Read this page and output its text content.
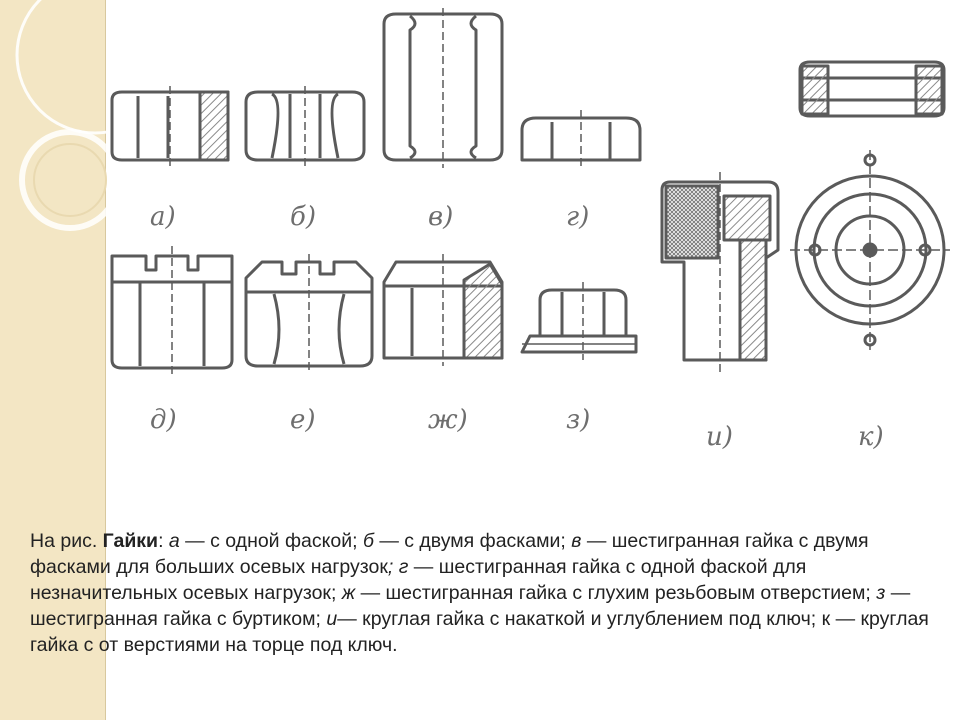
а)	б)	в)	г)
д)	е)	ж)	з)
и)	к)
На рис. Гайки: а — с одной фаской; б — с двумя фасками; в — шестигранная гайка с двумя фасками для больших осевых нагрузок; г — шестигранная гайка с одной фаской для незначительных осевых нагрузок; ж — шестигранная гайка с глухим резьбовым отверстием; з — шестигранная гайка с буртиком; и— круглая гайка с накаткой и углублением под ключ; к — круглая гайка с от верстиями на торце под ключ.
